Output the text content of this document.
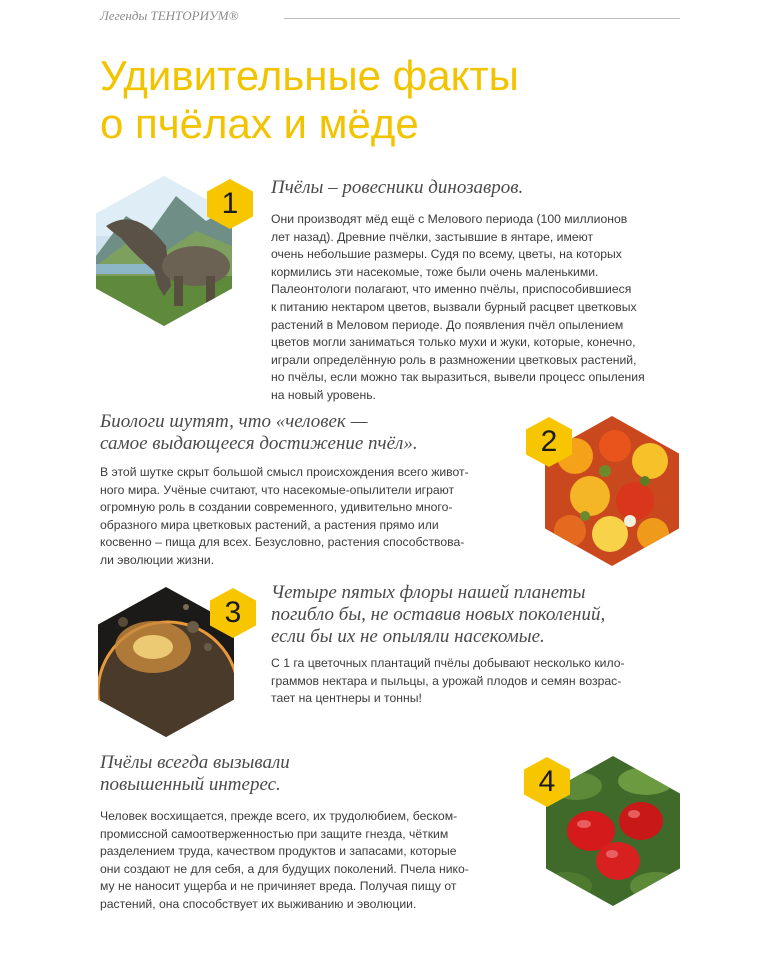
Легенды ТЕНТОРИУМ®
Удивительные факты
о пчёлах и мёде
1	Пчёлы – ровесники динозавров.
Они производят мёд ещё с Мелового периода (100 миллионов
лет назад). Древние пчёлки, застывшие в янтаре, имеют
очень небольшие размеры. Судя по всему, цветы, на которых
кормились эти насекомые, тоже были очень маленькими.
Палеонтологи полагают, что именно пчёлы, приспособившиеся
к питанию нектаром цветов, вызвали бурный расцвет цветковых
растений в Меловом периоде. До появления пчёл опылением
цветов могли заниматься только мухи и жуки, которые, конечно,
играли определённую роль в размножении цветковых растений,
но пчёлы, если можно так выразиться, вывели процесс опыления
на новый уровень.
Биологи шутят, что «человек —
самое выдающееся достижение пчёл».
В этой шутке скрыт большой смысл происхождения всего живот-
ного мира. Учёные считают, что насекомые-опылители играют
огромную роль в создании современного, удивительно много-
образного мира цветковых растений, а растения прямо или
косвенно – пища для всех. Безусловно, растения способствова-
ли эволюции жизни.
2
3
Четыре пятых флоры нашей планеты
погибло бы, не оставив новых поколений,
если бы их не опыляли насекомые.
С 1 га цветочных плантаций пчёлы добывают несколько кило-
граммов нектара и пыльцы, а урожай плодов и семян возрас-
тает на центнеры и тонны!
Пчёлы всегда вызывали
повышенный интерес.
Человек восхищается, прежде всего, их трудолюбием, беском-
промиссной самоотверженностью при защите гнезда, чётким
разделением труда, качеством продуктов и запасами, которые
они создают не для себя, а для будущих поколений. Пчела нико-
му не наносит ущерба и не причиняет вреда. Получая пищу от
растений, она способствует их выживанию и эволюции.
4
